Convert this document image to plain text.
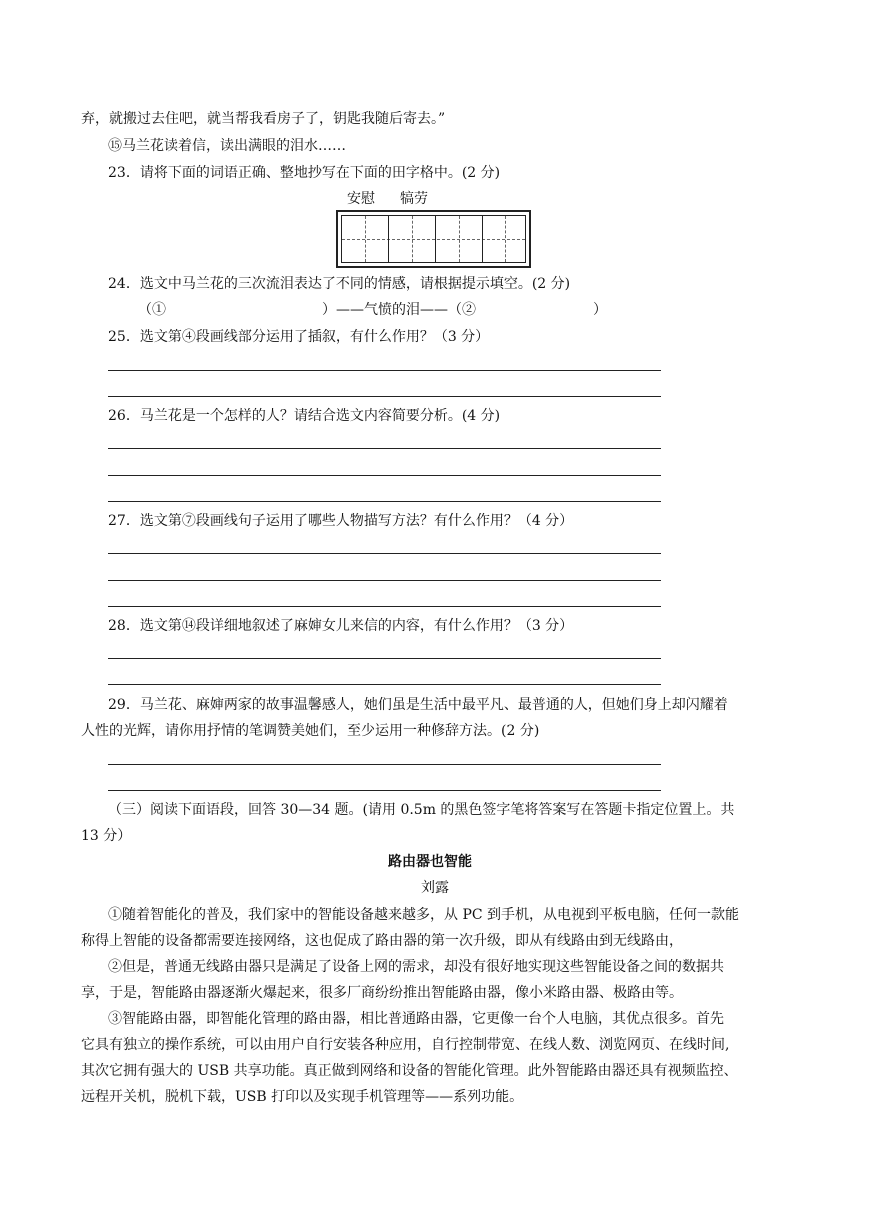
弃，就搬过去住吧，就当帮我看房子了，钥匙我随后寄去。”
⑮马兰花读着信，读出满眼的泪水……
23．请将下面的词语正确、整地抄写在下面的田字格中。(2 分)
安慰 犒劳
24．选文中马兰花的三次流泪表达了不同的情感，请根据提示填空。(2 分)
（①	）——气愤的泪——（②	）
25．选文第④段画线部分运用了插叙，有什么作用？（3 分）
26．马兰花是一个怎样的人？请结合选文内容简要分析。(4 分)
27．选文第⑦段画线句子运用了哪些人物描写方法？有什么作用？（4 分）
28．选文第⑭段详细地叙述了麻婶女儿来信的内容，有什么作用？（3 分）
29．马兰花、麻婶两家的故事温馨感人，她们虽是生活中最平凡、最普通的人，但她们身上却闪耀着
人性的光辉，请你用抒情的笔调赞美她们，至少运用一种修辞方法。(2 分)
（三）阅读下面语段，回答 30—34 题。(请用 0.5m 的黑色签字笔将答案写在答题卡指定位置上。共
13 分）
路由器也智能
刘露
①随着智能化的普及，我们家中的智能设备越来越多，从 PC 到手机，从电视到平板电脑，任何一款能
称得上智能的设备都需要连接网络，这也促成了路由器的第一次升级，即从有线路由到无线路由，
②但是，普通无线路由器只是满足了设备上网的需求，却没有很好地实现这些智能设备之间的数据共
享，于是，智能路由器逐渐火爆起来，很多厂商纷纷推出智能路由器，像小米路由器、极路由等。
③智能路由器，即智能化管理的路由器，相比普通路由器，它更像一台个人电脑，其优点很多。首先
它具有独立的操作系统，可以由用户自行安装各种应用，自行控制带宽、在线人数、浏览网页、在线时间,
其次它拥有强大的 USB 共享功能。真正做到网络和设备的智能化管理。此外智能路由器还具有视频监控、
远程开关机，脱机下载，USB 打印以及实现手机管理等——系列功能。
